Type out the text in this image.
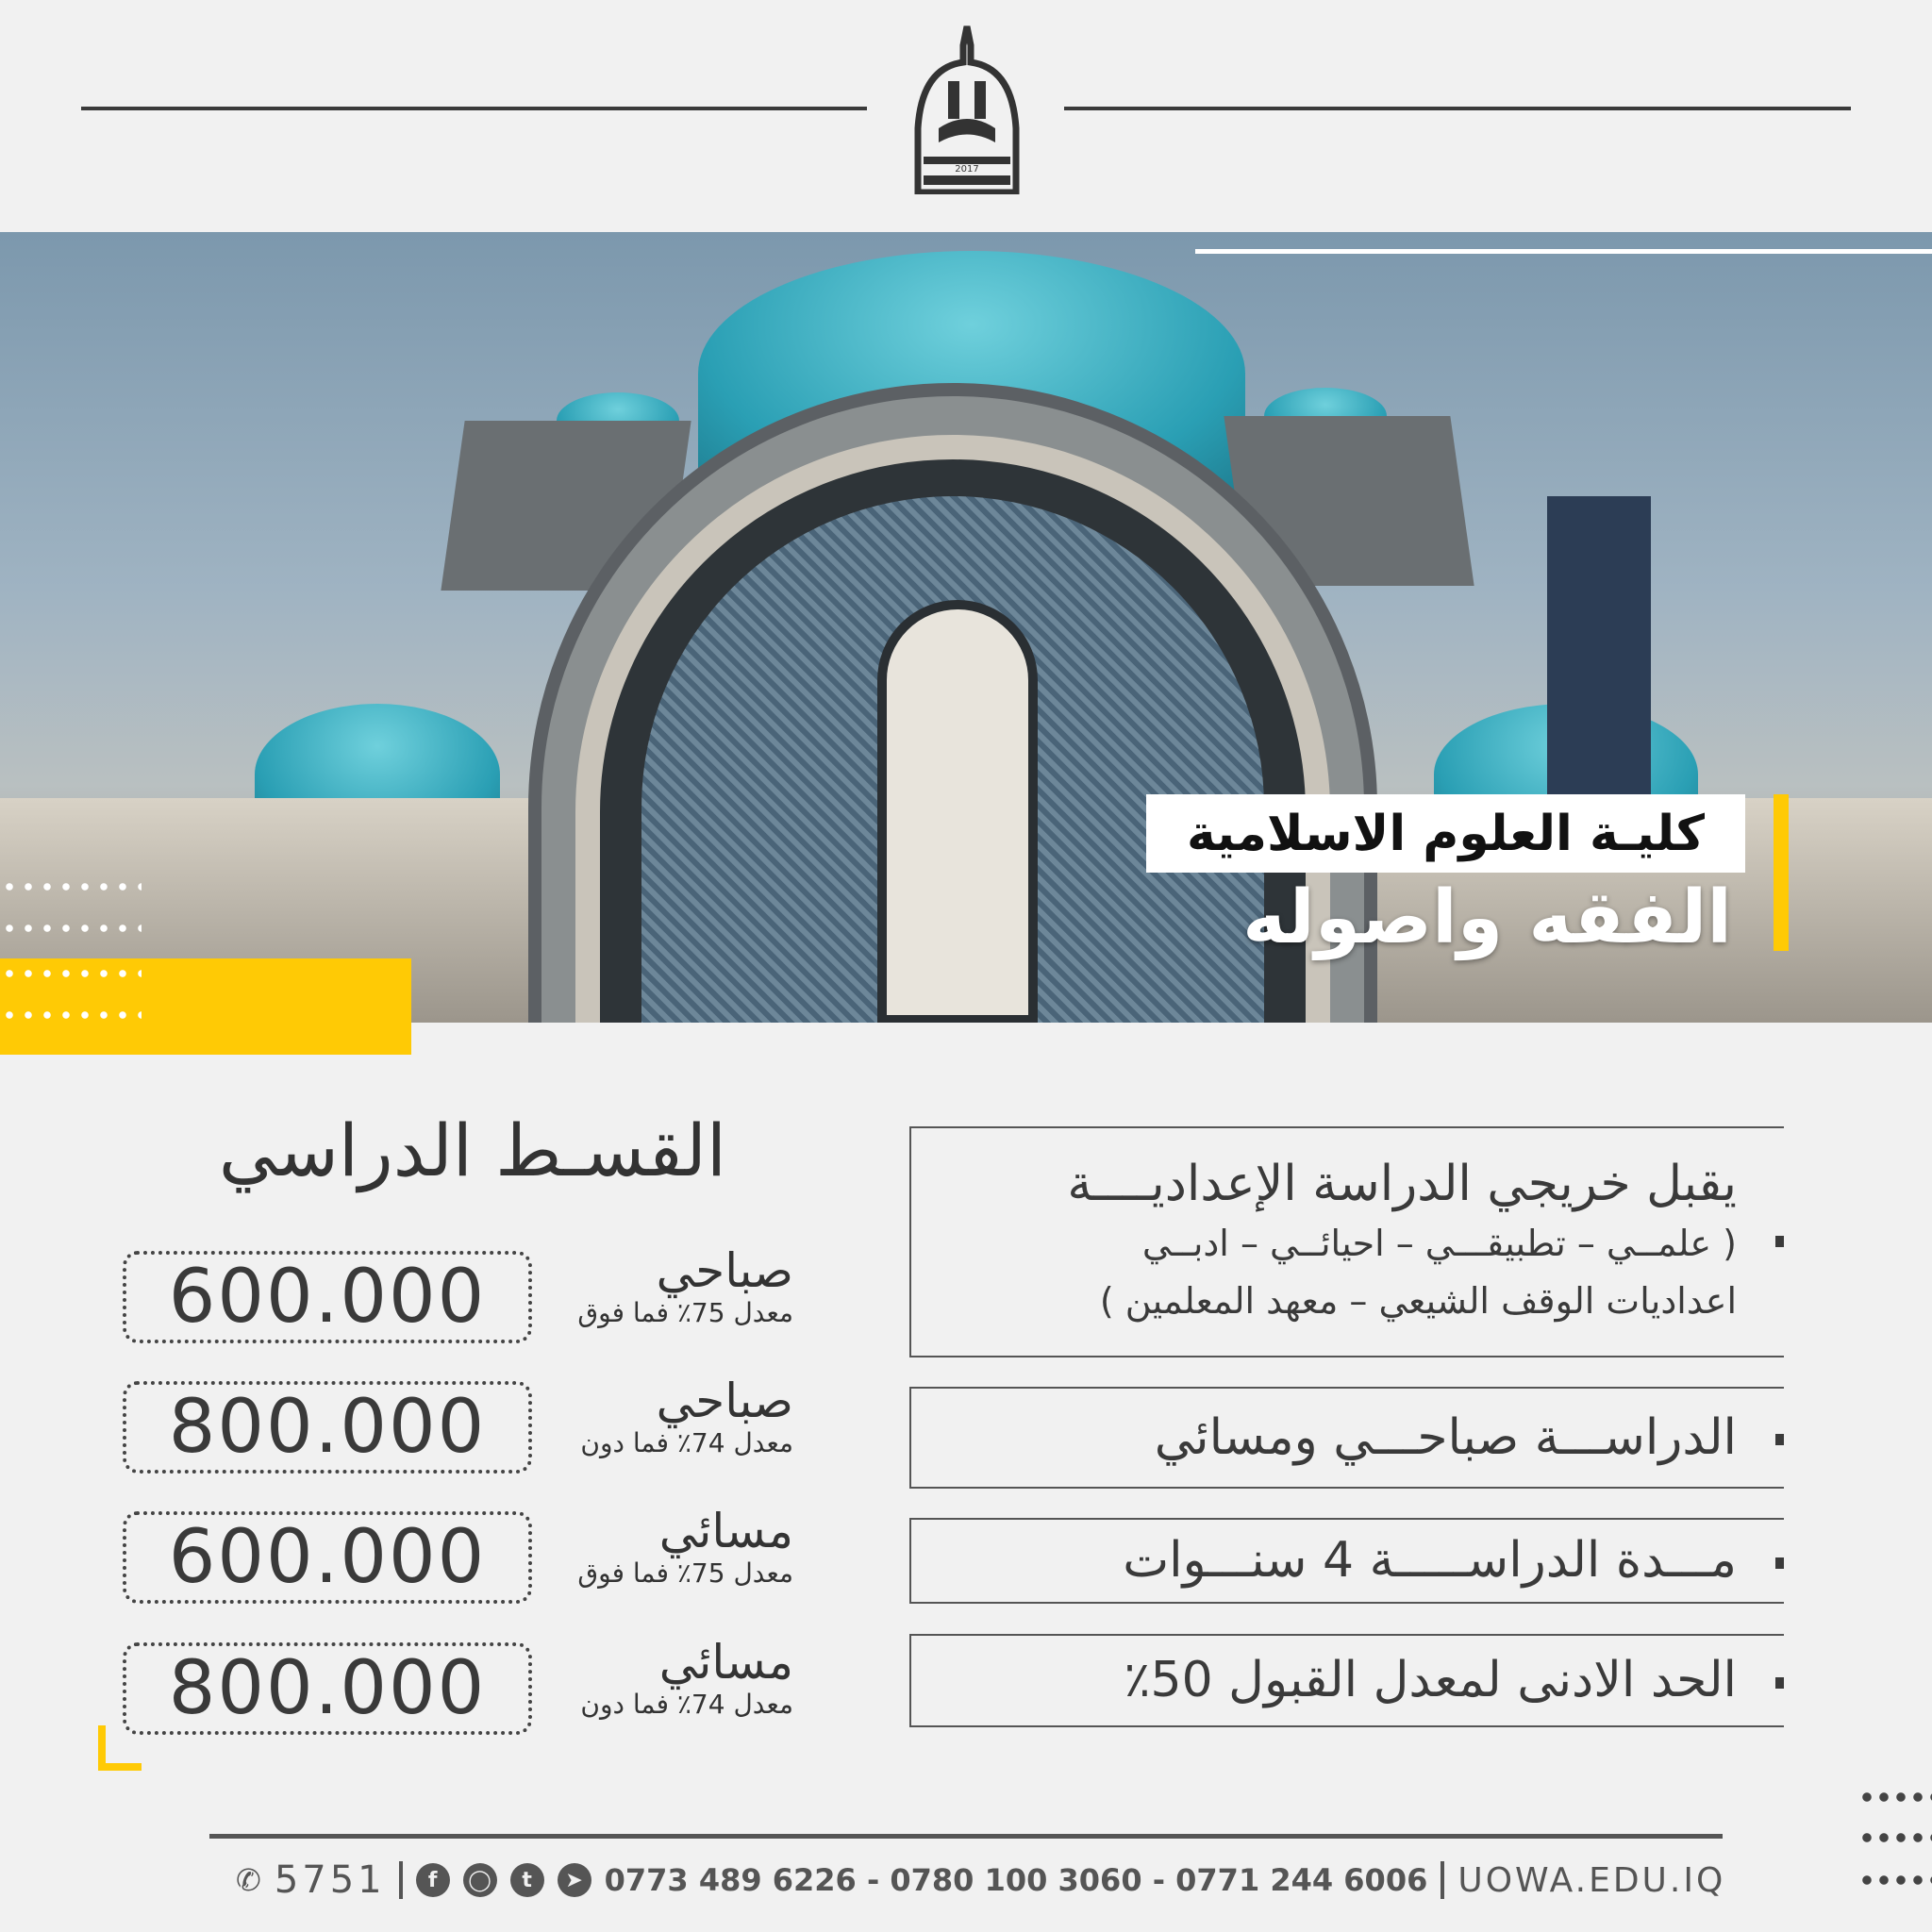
2017
كليـة العلوم الاسلامية
الفقه واصوله
يقبل خريجي الدراسة الإعداديــــة
( علمــي – تطبيقـــي – احيائــي – ادبــي
اعداديات الوقف الشيعي – معهد المعلمين )
الدراســـة صباحـــي ومسائي
مـــدة الدراســـــة 4 سنـــوات
الحد الادنى لمعدل القبول 50٪
القسـط الدراسي
600.000	صباحي
معدل 75٪ فما فوق
800.000	صباحي
معدل 74٪ فما دون
600.000	مسائي
معدل 75٪ فما فوق
800.000	مسائي
معدل 74٪ فما دون
✆ 5751	f	◯	t	➤ 0773 489 6226 - 0780 100 3060 - 0771 244 6006 UOWA.EDU.IQ
